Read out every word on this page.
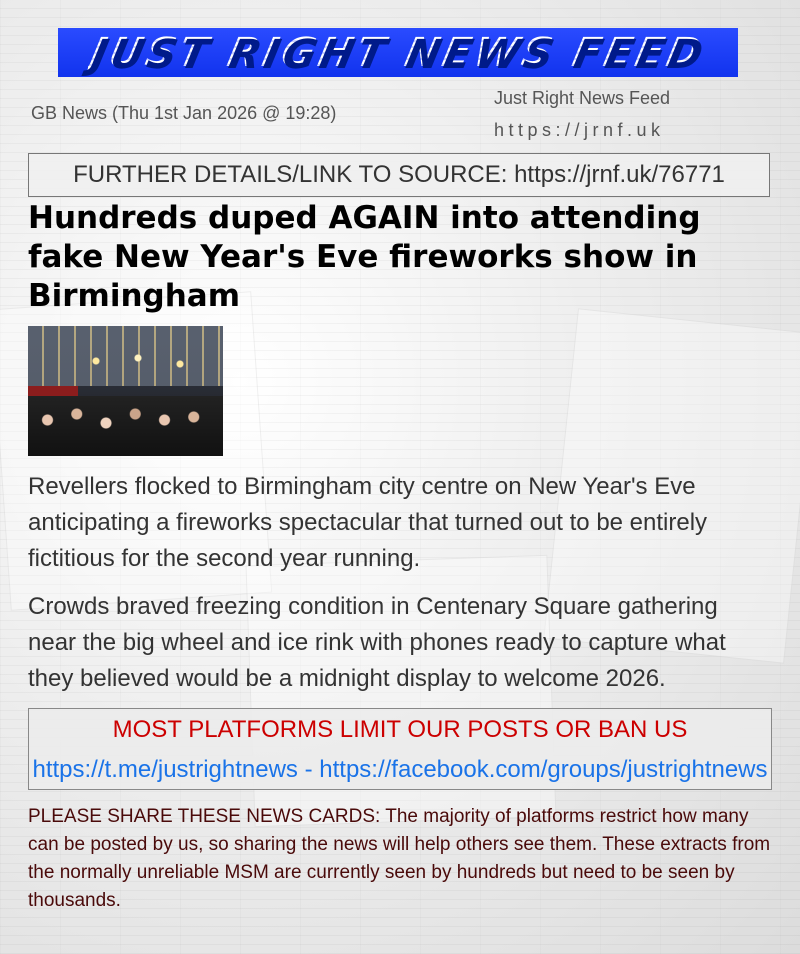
JUST RIGHT NEWS FEED
GB News (Thu 1st Jan 2026 @ 19:28)
Just Right News Feed
https://jrnf.uk
FURTHER DETAILS/LINK TO SOURCE: https://jrnf.uk/76771
Hundreds duped AGAIN into attending fake New Year's Eve fireworks show in Birmingham

Revellers flocked to Birmingham city centre on New Year's Eve anticipating a fireworks spectacular that turned out to be entirely fictitious for the second year running.

Crowds braved freezing condition in Centenary Square gathering near the big wheel and ice rink with phones ready to capture what they believed would be a midnight display to welcome 2026.

MOST PLATFORMS LIMIT OUR POSTS OR BAN US
https://t.me/justrightnews - https://facebook.com/groups/justrightnews

PLEASE SHARE THESE NEWS CARDS: The majority of platforms restrict how many can be posted by us, so sharing the news will help others see them. These extracts from the normally unreliable MSM are currently seen by hundreds but need to be seen by thousands.
